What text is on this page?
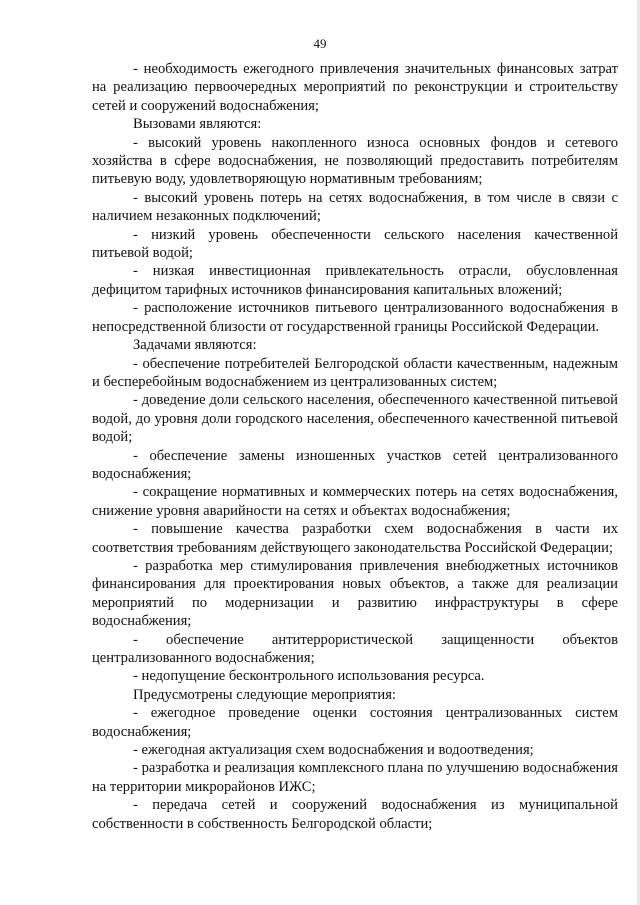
49

- необходимость ежегодного привлечения значительных финансовых затрат на реализацию первоочередных мероприятий по реконструкции и строительству сетей и сооружений водоснабжения;

Вызовами являются:

- высокий уровень накопленного износа основных фондов и сетевого хозяйства в сфере водоснабжения, не позволяющий предоставить потребителям питьевую воду, удовлетворяющую нормативным требованиям;

- высокий уровень потерь на сетях водоснабжения, в том числе в связи с наличием незаконных подключений;

- низкий уровень обеспеченности сельского населения качественной питьевой водой;

- низкая инвестиционная привлекательность отрасли, обусловленная дефицитом тарифных источников финансирования капитальных вложений;

- расположение источников питьевого централизованного водоснабжения в непосредственной близости от государственной границы Российской Федерации.

Задачами являются:

- обеспечение потребителей Белгородской области качественным, надежным и бесперебойным водоснабжением из централизованных систем;

- доведение доли сельского населения, обеспеченного качественной питьевой водой, до уровня доли городского населения, обеспеченного качественной питьевой водой;

- обеспечение замены изношенных участков сетей централизованного водоснабжения;

- сокращение нормативных и коммерческих потерь на сетях водоснабжения, снижение уровня аварийности на сетях и объектах водоснабжения;

- повышение качества разработки схем водоснабжения в части их соответствия требованиям действующего законодательства Российской Федерации;

- разработка мер стимулирования привлечения внебюджетных источников финансирования для проектирования новых объектов, а также для реализации мероприятий по модернизации и развитию инфраструктуры в сфере водоснабжения;

- обеспечение антитеррористической защищенности объектов централизованного водоснабжения;

- недопущение бесконтрольного использования ресурса.

Предусмотрены следующие мероприятия:

- ежегодное проведение оценки состояния централизованных систем водоснабжения;

- ежегодная актуализация схем водоснабжения и водоотведения;

- разработка и реализация комплексного плана по улучшению водоснабжения на территории микрорайонов ИЖС;

- передача сетей и сооружений водоснабжения из муниципальной собственности в собственность Белгородской области;
